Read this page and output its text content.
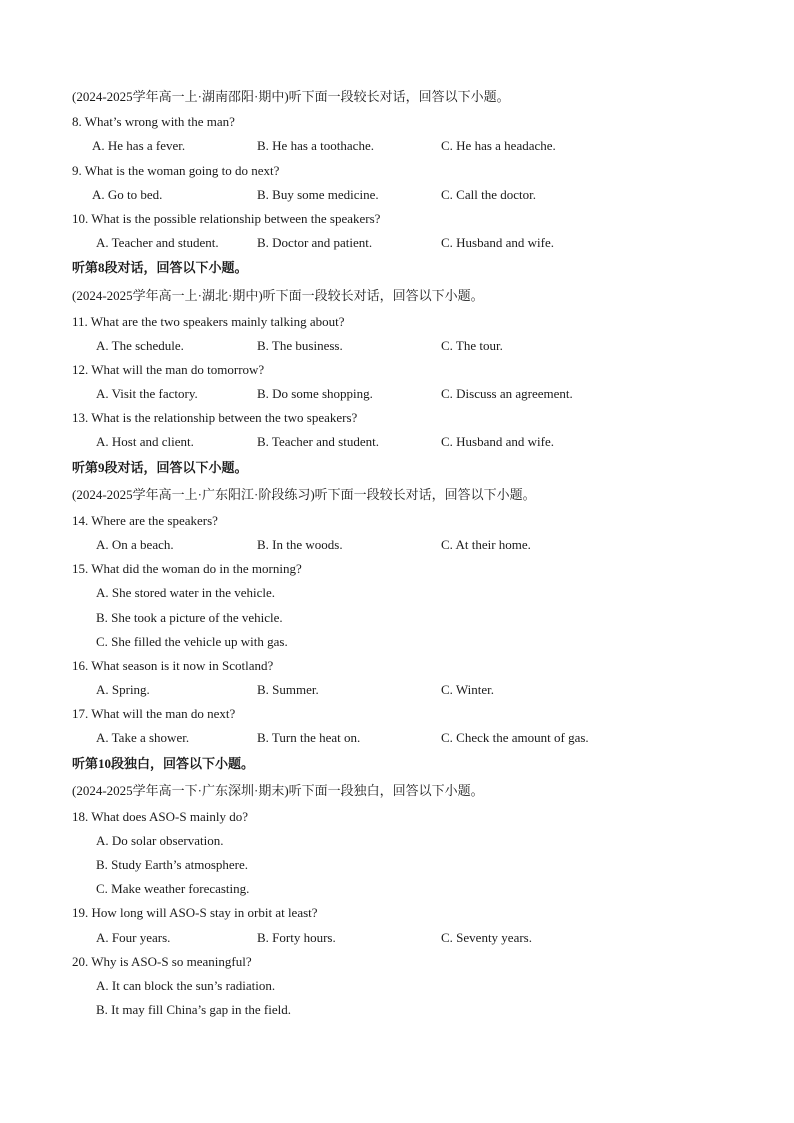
(2024-2025学年高一上·湖南邵阳·期中)听下面一段较长对话，回答以下小题。
8. What’s wrong with the man?
A. He has a fever.	B. He has a toothache.	C. He has a headache.
9. What is the woman going to do next?
A. Go to bed.	B. Buy some medicine.	C. Call the doctor.
10. What is the possible relationship between the speakers?
A. Teacher and student.	B. Doctor and patient.	C. Husband and wife.
听第8段对话，回答以下小题。
(2024-2025学年高一上·湖北·期中)听下面一段较长对话，回答以下小题。
11. What are the two speakers mainly talking about?
A. The schedule.	B. The business.	C. The tour.
12. What will the man do tomorrow?
A. Visit the factory.	B. Do some shopping.	C. Discuss an agreement.
13. What is the relationship between the two speakers?
A. Host and client.	B. Teacher and student.	C. Husband and wife.
听第9段对话，回答以下小题。
(2024-2025学年高一上·广东阳江·阶段练习)听下面一段较长对话，回答以下小题。
14. Where are the speakers?
A. On a beach.	B. In the woods.	C. At their home.
15. What did the woman do in the morning?
A. She stored water in the vehicle.
B. She took a picture of the vehicle.
C. She filled the vehicle up with gas.
16. What season is it now in Scotland?
A. Spring.	B. Summer.	C. Winter.
17. What will the man do next?
A. Take a shower.	B. Turn the heat on.	C. Check the amount of gas.
听第10段独白，回答以下小题。
(2024-2025学年高一下·广东深圳·期末)听下面一段独白，回答以下小题。
18. What does ASO-S mainly do?
A. Do solar observation.
B. Study Earth’s atmosphere.
C. Make weather forecasting.
19. How long will ASO-S stay in orbit at least?
A. Four years.	B. Forty hours.	C. Seventy years.
20. Why is ASO-S so meaningful?
A. It can block the sun’s radiation.
B. It may fill China’s gap in the field.
